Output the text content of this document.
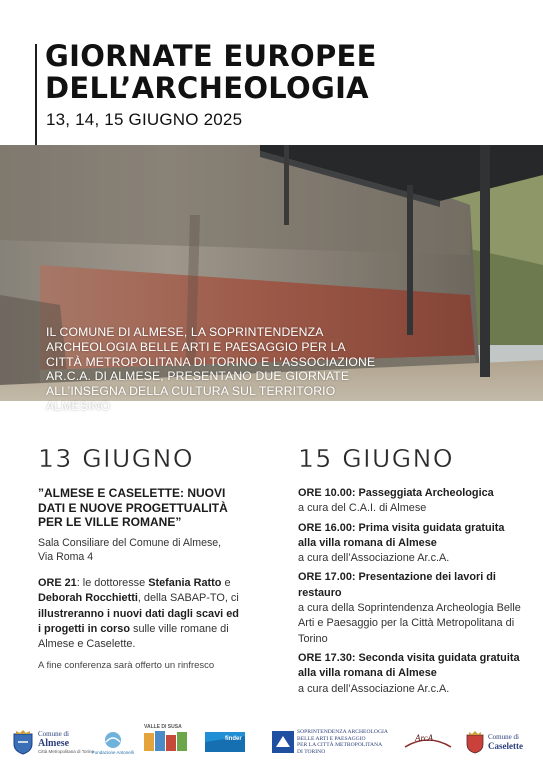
GIORNATE EUROPEE
DELL’ARCHEOLOGIA
13, 14, 15 GIUGNO 2025
IL COMUNE DI ALMESE, LA SOPRINTENDENZA ARCHEOLOGIA BELLE ARTI E PAESAGGIO PER LA CITTÀ METROPOLITANA DI TORINO E L’ASSOCIAZIONE AR.C.A. DI ALMESE, PRESENTANO DUE GIORNATE ALL’INSEGNA DELLA CULTURA SUL TERRITORIO ALMESINO
13 GIUGNO
”ALMESE E CASELETTE: NUOVI DATI E NUOVE PROGETTUALITÀ PER LE VILLE ROMANE”
Sala Consiliare del Comune di Almese,
Via Roma 4
ORE 21: le dottoresse Stefania Ratto e Deborah Rocchietti, della SABAP-TO, ci illustreranno i nuovi dati dagli scavi ed i progetti in corso sulle ville romane di Almese e Caselette.
A fine conferenza sarà offerto un rinfresco
15 GIUGNO
ORE 10.00: Passeggiata Archeologica
a cura del C.A.I. di Almese
ORE 16.00: Prima visita guidata gratuita alla villa romana di Almese
a cura dell’Associazione Ar.c.A.
ORE 17.00: Presentazione dei lavori di restauro
a cura della Soprintendenza Archeologia Belle Arti e Paesaggio per la Città Metropolitana di Torino
ORE 17.30: Seconda visita guidata gratuita alla villa romana di Almese
a cura dell’Associazione Ar.c.A.
Comune di
Almese
Città Metropolitana di Torino
Fondazione Antonelli
VALLE DI SUSA
finder
SOPRINTENDENZA ARCHEOLOGIA
BELLE ARTI E PAESAGGIO
PER LA CITTÀ METROPOLITANA
DI TORINO
ArcA	Comune di
Caselette
